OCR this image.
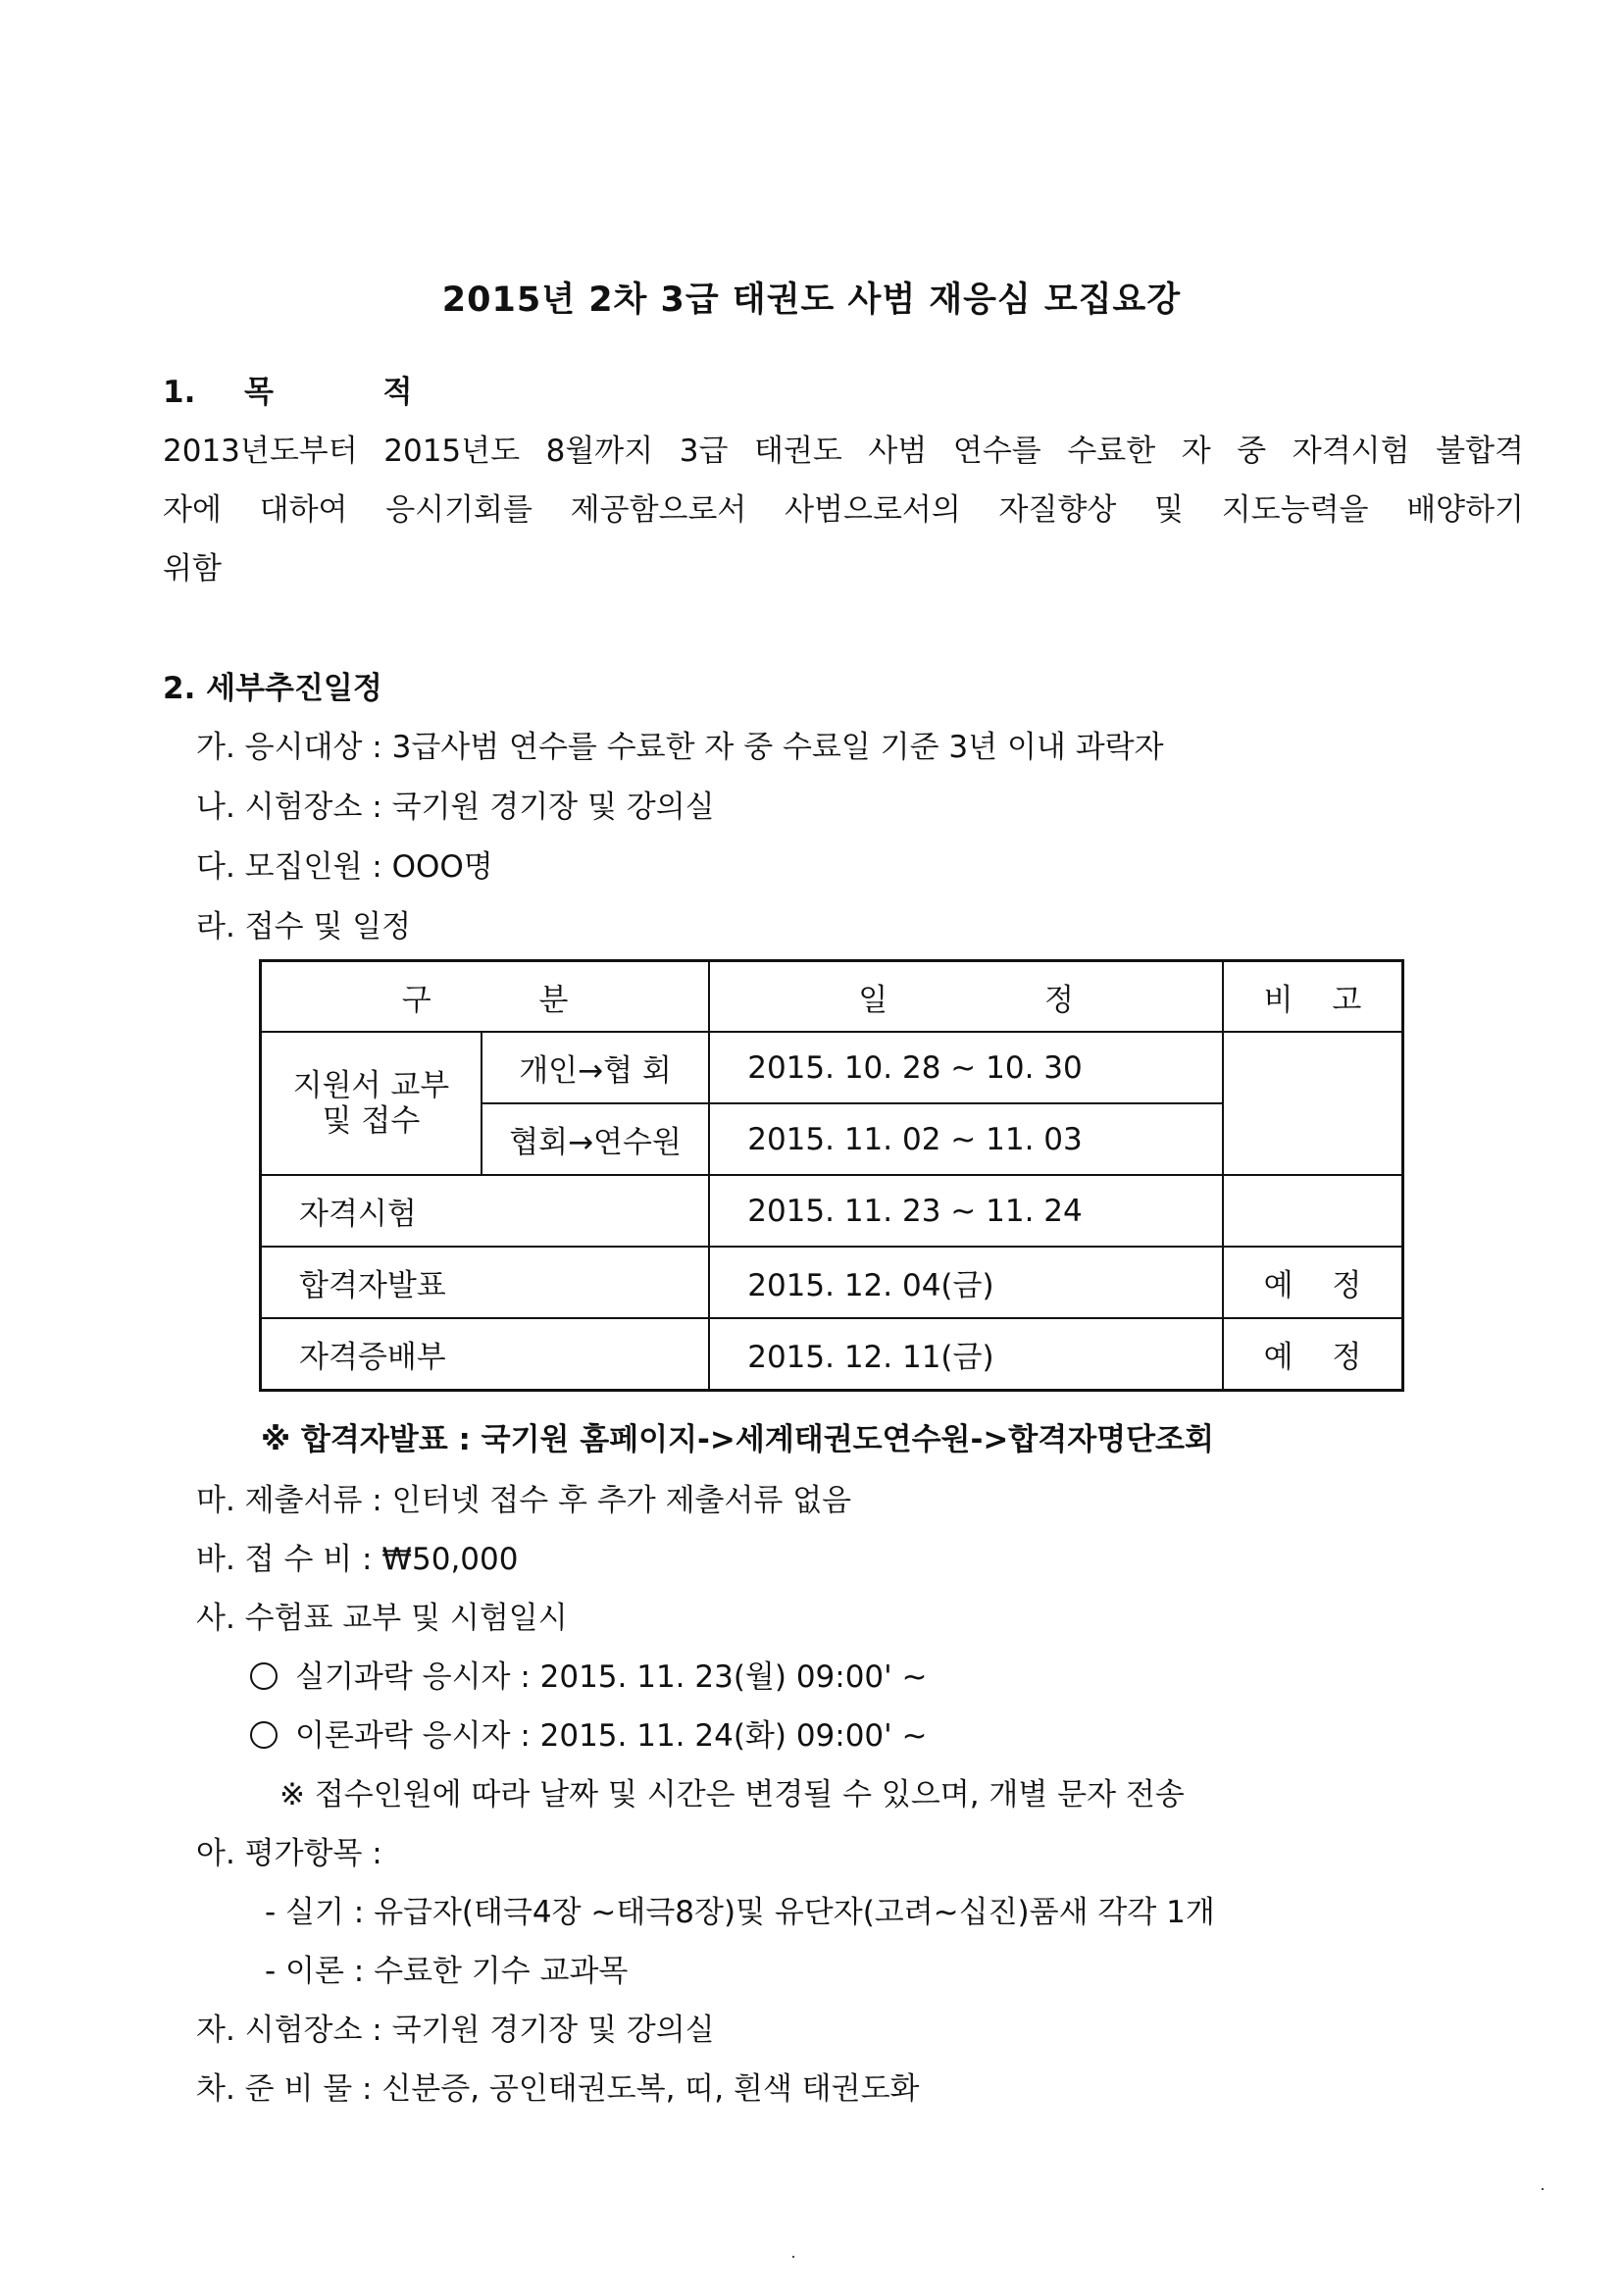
2015년 2차 3급 태권도 사범 재응심 모집요강
1. 목	적
2013년도부터 2015년도 8월까지 3급 태권도 사범 연수를 수료한 자 중 자격시험 불합격
자에 대하여 응시기회를 제공함으로서 사범으로서의 자질향상 및 지도능력을 배양하기
위함
2. 세부추진일정
가. 응시대상 : 3급사범 연수를 수료한 자 중 수료일 기준 3년 이내 과락자
나. 시험장소 : 국기원 경기장 및 강의실
다. 모집인원 : OOO명
라. 접수 및 일정
구 분		일 정	비 고

지원서 교부
및 접수	개인→협 회	2015. 10. 28 ~ 10. 30	
	협회→연수원	2015. 11. 02 ~ 11. 03	
자격시험		2015. 11. 23 ~ 11. 24	
합격자발표		2015. 12. 04(금)	예 정
자격증배부		2015. 12. 11(금)	예 정
※ 합격자발표 : 국기원 홈페이지->세계태권도연수원->합격자명단조회
마. 제출서류 : 인터넷 접수 후 추가 제출서류 없음
바. 접 수 비 : ₩50,000
사. 수험표 교부 및 시험일시
실기과락 응시자 : 2015. 11. 23(월) 09:00' ~
이론과락 응시자 : 2015. 11. 24(화) 09:00' ~
※ 접수인원에 따라 날짜 및 시간은 변경될 수 있으며, 개별 문자 전송
아. 평가항목 :
- 실기 : 유급자(태극4장 ~태극8장)및 유단자(고려~십진)품새 각각 1개
- 이론 : 수료한 기수 교과목
자. 시험장소 : 국기원 경기장 및 강의실
차. 준 비 물 : 신분증, 공인태권도복, 띠, 흰색 태권도화
